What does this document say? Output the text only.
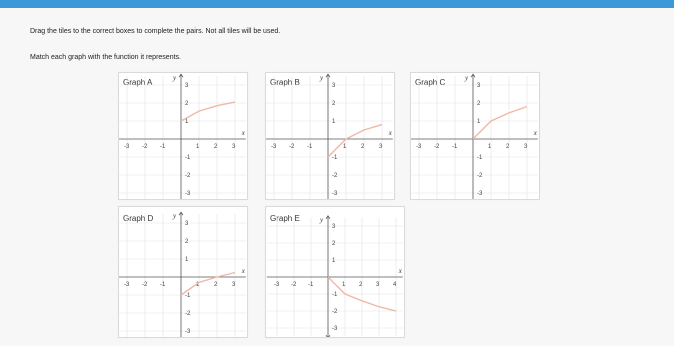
Drag the tiles to the correct boxes to complete the pairs. Not all tiles will be used.
Match each graph with the function it represents.
Graph A
x
y
-3 -2 -1	1 2 3
3
2
1
-1
-2
-3
Graph B
x
y
-3 -2 -1	1 2 3
3
2
1
-1
-2
-3
Graph C
x
y
-3 -2 -1	1 2 3
3
2
1
-1
-2
-3
Graph D
x
y
-3 -2 -1	1 2 3
3
2
1
-1
-2
-3
Graph E
x
y
-3 -2 -1	1 2 3 4
3
2
1
-1
-2
-3
